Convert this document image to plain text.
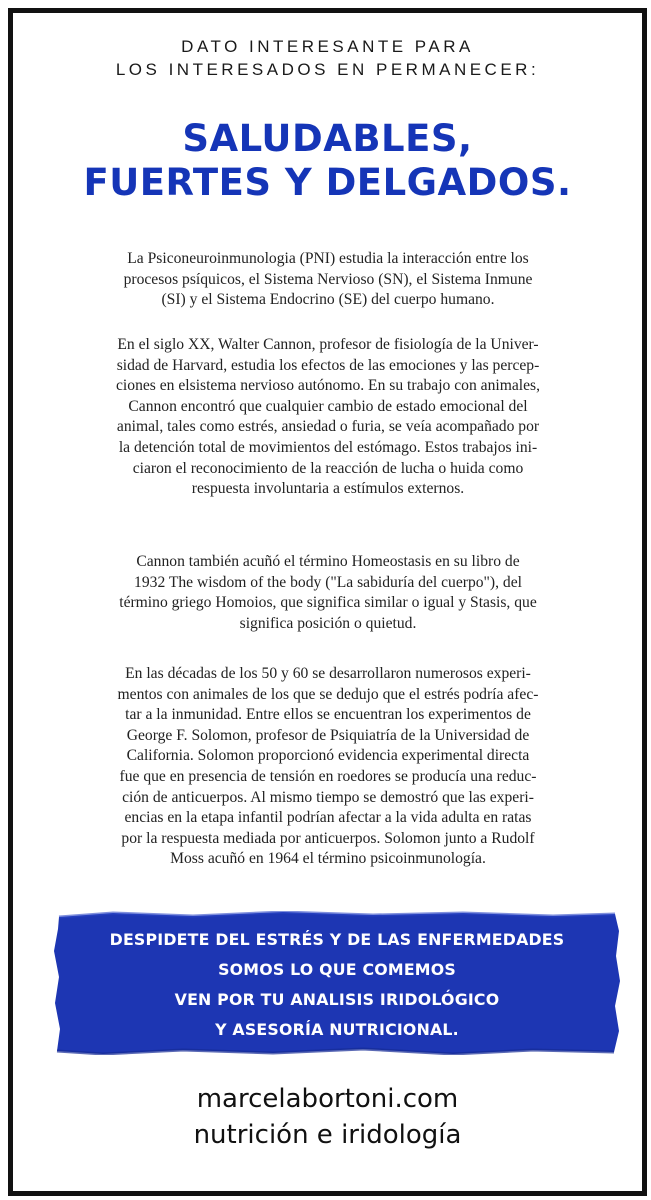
DATO INTERESANTE PARA
LOS INTERESADOS EN PERMANECER:
SALUDABLES,
FUERTES Y DELGADOS.
La Psiconeuroinmunologia (PNI) estudia la interacción entre los
procesos psíquicos, el Sistema Nervioso (SN), el Sistema Inmune
(SI) y el Sistema Endocrino (SE) del cuerpo humano.
En el siglo XX, Walter Cannon, profesor de fisiología de la Univer-
sidad de Harvard, estudia los efectos de las emociones y las percep-
ciones en elsistema nervioso autónomo. En su trabajo con animales,
Cannon encontró que cualquier cambio de estado emocional del
animal, tales como estrés, ansiedad o furia, se veía acompañado por
la detención total de movimientos del estómago. Estos trabajos ini-
ciaron el reconocimiento de la reacción de lucha o huida como
respuesta involuntaria a estímulos externos.
Cannon también acuñó el término Homeostasis en su libro de
1932 The wisdom of the body ("La sabiduría del cuerpo"), del
término griego Homoios, que significa similar o igual y Stasis, que
significa posición o quietud.
En las décadas de los 50 y 60 se desarrollaron numerosos experi-
mentos con animales de los que se dedujo que el estrés podría afec-
tar a la inmunidad. Entre ellos se encuentran los experimentos de
George F. Solomon, profesor de Psiquiatría de la Universidad de
California. Solomon proporcionó evidencia experimental directa
fue que en presencia de tensión en roedores se producía una reduc-
ción de anticuerpos. Al mismo tiempo se demostró que las experi-
encias en la etapa infantil podrían afectar a la vida adulta en ratas
por la respuesta mediada por anticuerpos. Solomon junto a Rudolf
Moss acuñó en 1964 el término psicoinmunología.
DESPIDETE DEL ESTRÉS Y DE LAS ENFERMEDADES
SOMOS LO QUE COMEMOS
VEN POR TU ANALISIS IRIDOLÓGICO
Y ASESORÍA NUTRICIONAL.
marcelabortoni.com
nutrición e iridología
